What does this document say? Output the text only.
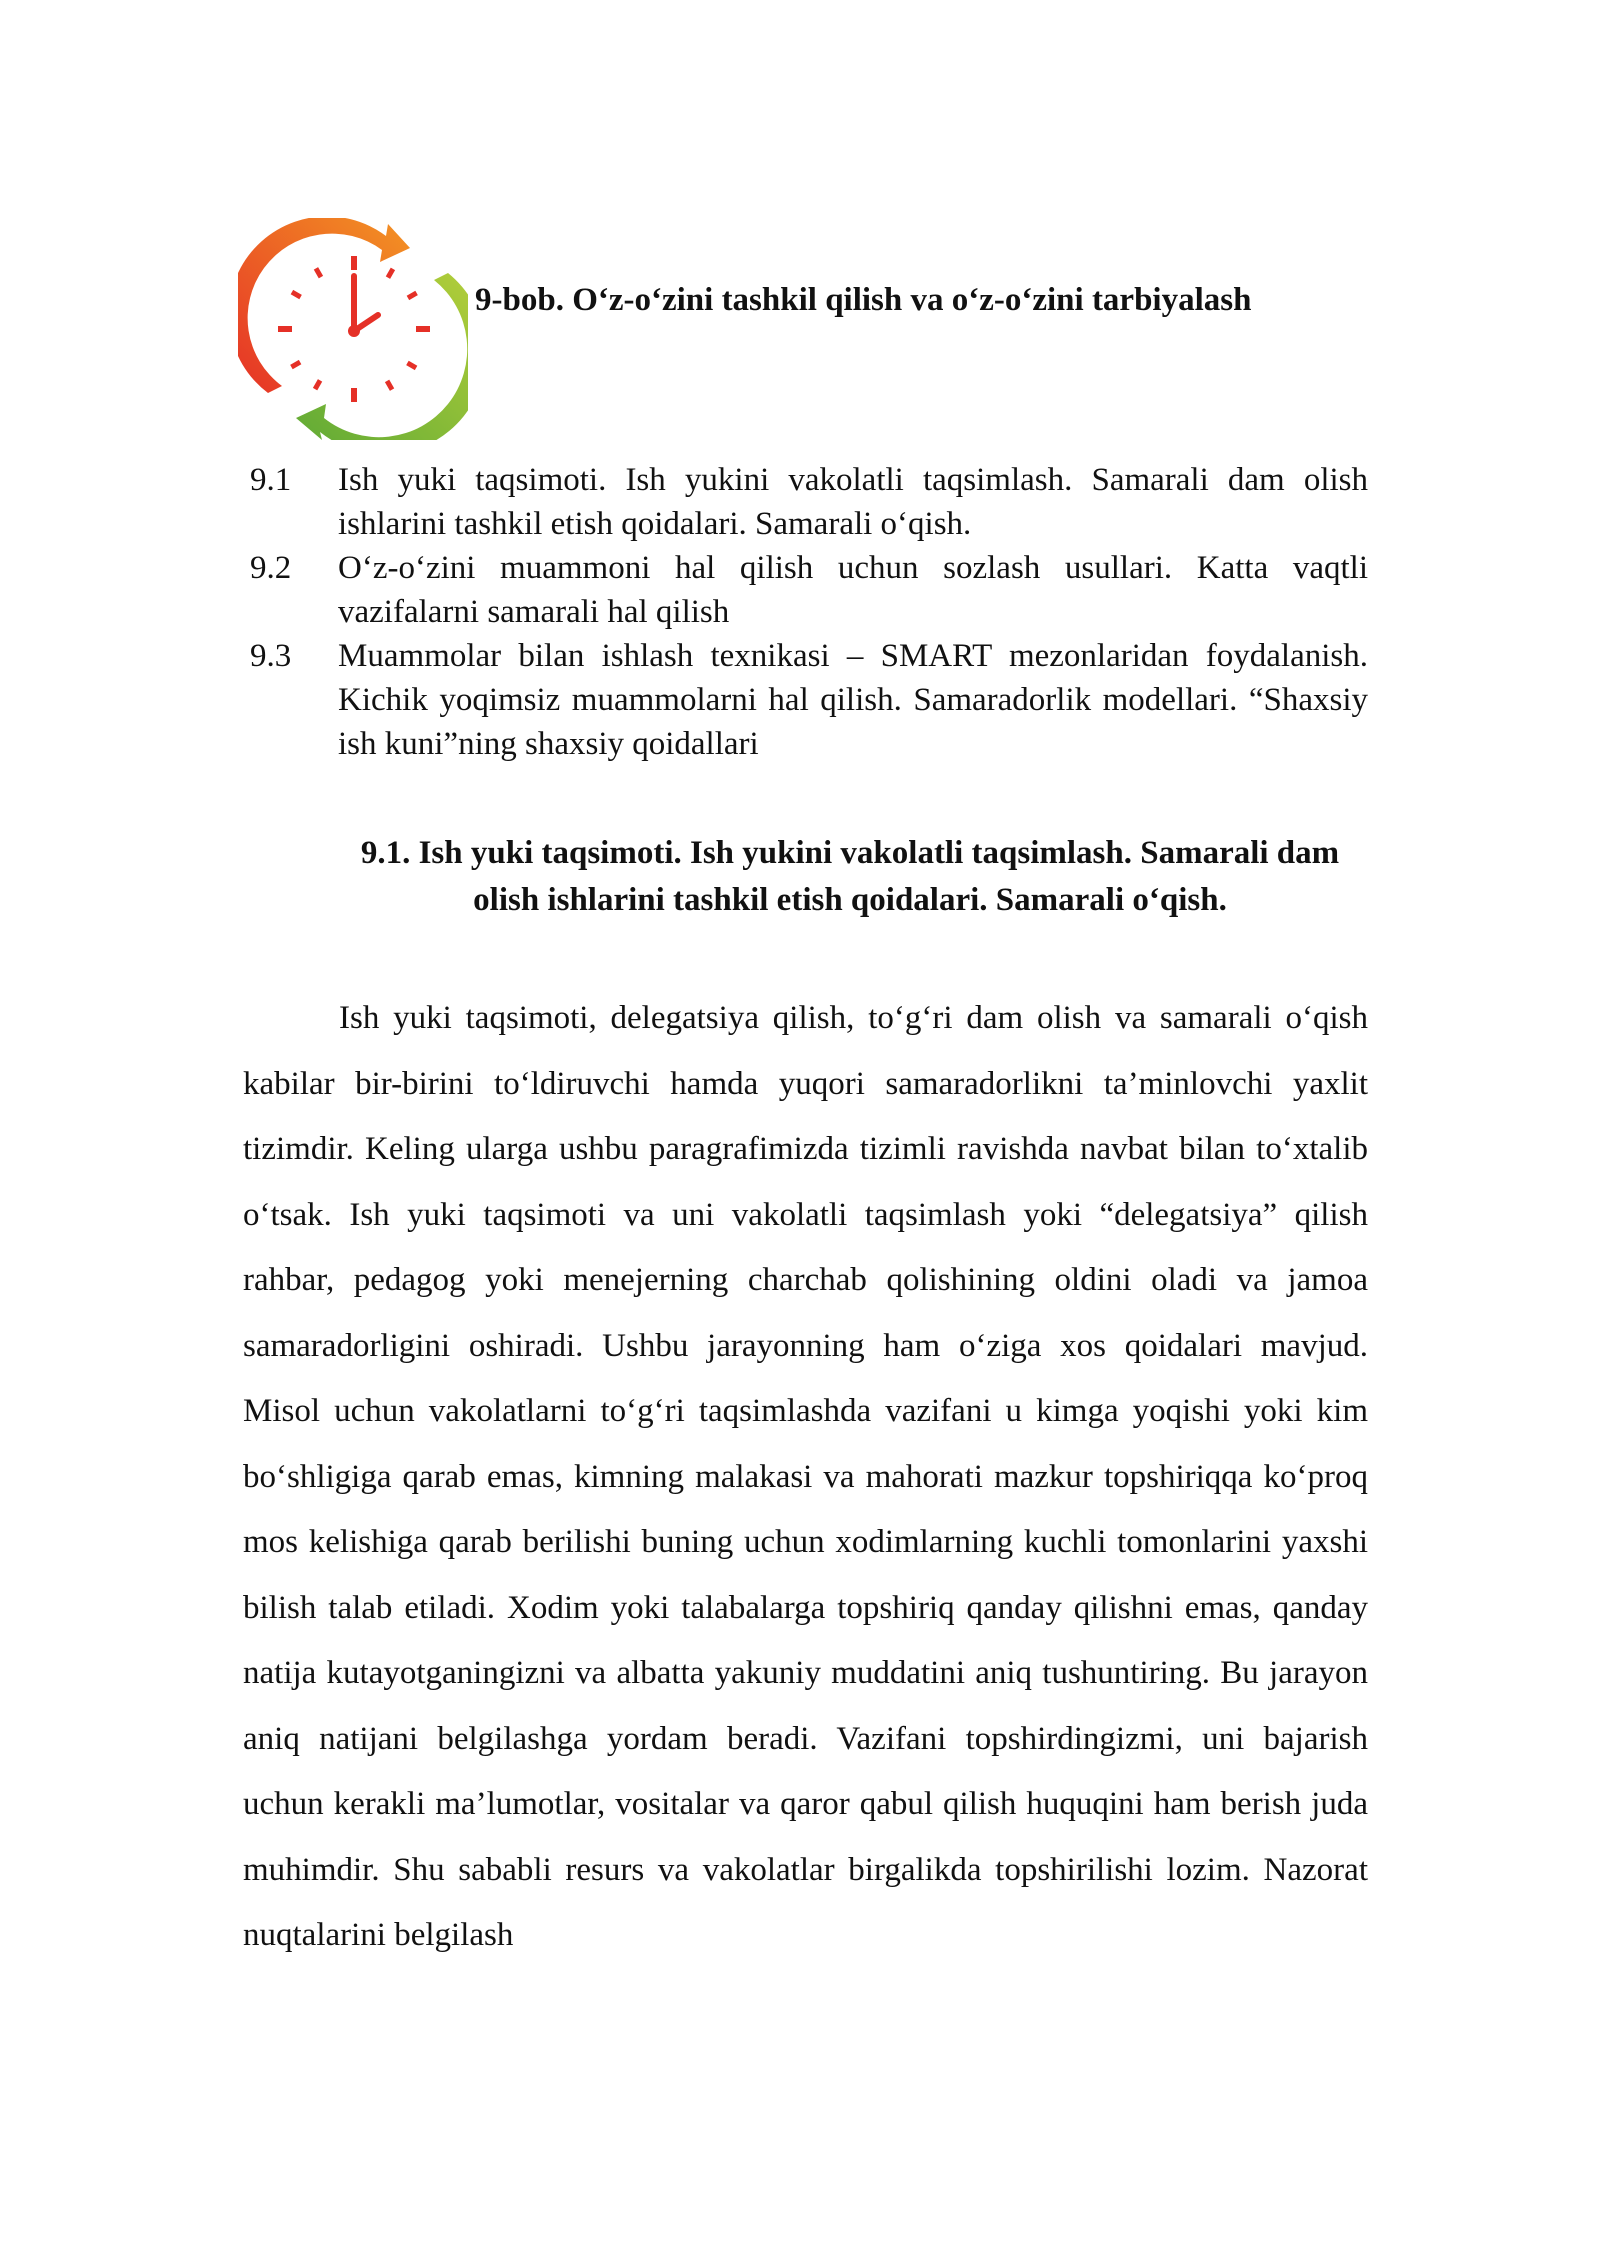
9-bob. O‘z-o‘zini tashkil qilish va o‘z-o‘zini tarbiyalash
9.1	Ish yuki taqsimoti. Ish yukini vakolatli taqsimlash. Samarali dam olish ishlarini tashkil etish qoidalari. Samarali o‘qish.
9.2	O‘z-o‘zini muammoni hal qilish uchun sozlash usullari. Katta vaqtli vazifalarni samarali hal qilish
9.3	Muammolar bilan ishlash texnikasi – SMART mezonlaridan foydalanish. Kichik yoqimsiz muammolarni hal qilish. Samaradorlik modellari. “Shaxsiy ish kuni”ning shaxsiy qoidallari
9.1. Ish yuki taqsimoti. Ish yukini vakolatli taqsimlash. Samarali dam olish ishlarini tashkil etish qoidalari. Samarali o‘qish.

Ish yuki taqsimoti, delegatsiya qilish, to‘g‘ri dam olish va samarali o‘qish kabilar bir-birini to‘ldiruvchi hamda yuqori samaradorlikni ta’minlovchi yaxlit tizimdir. Keling ularga ushbu paragrafimizda tizimli ravishda navbat bilan to‘xtalib o‘tsak. Ish yuki taqsimoti va uni vakolatli taqsimlash yoki “delegatsiya” qilish rahbar, pedagog yoki menejerning charchab qolishining oldini oladi va jamoa samaradorligini oshiradi. Ushbu jarayonning ham o‘ziga xos qoidalari mavjud. Misol uchun vakolatlarni to‘g‘ri taqsimlashda vazifani u kimga yoqishi yoki kim bo‘shligiga qarab emas, kimning malakasi va mahorati mazkur topshiriqqa ko‘proq mos kelishiga qarab berilishi buning uchun xodimlarning kuchli tomonlarini yaxshi bilish talab etiladi. Xodim yoki talabalarga topshiriq qanday qilishni emas, qanday natija kutayotganingizni va albatta yakuniy muddatini aniq tushuntiring. Bu jarayon aniq natijani belgilashga yordam beradi. Vazifani topshirdingizmi, uni bajarish uchun kerakli ma’lumotlar, vositalar va qaror qabul qilish huquqini ham berish juda muhimdir. Shu sababli resurs va vakolatlar birgalikda topshirilishi lozim. Nazorat nuqtalarini belgilash
